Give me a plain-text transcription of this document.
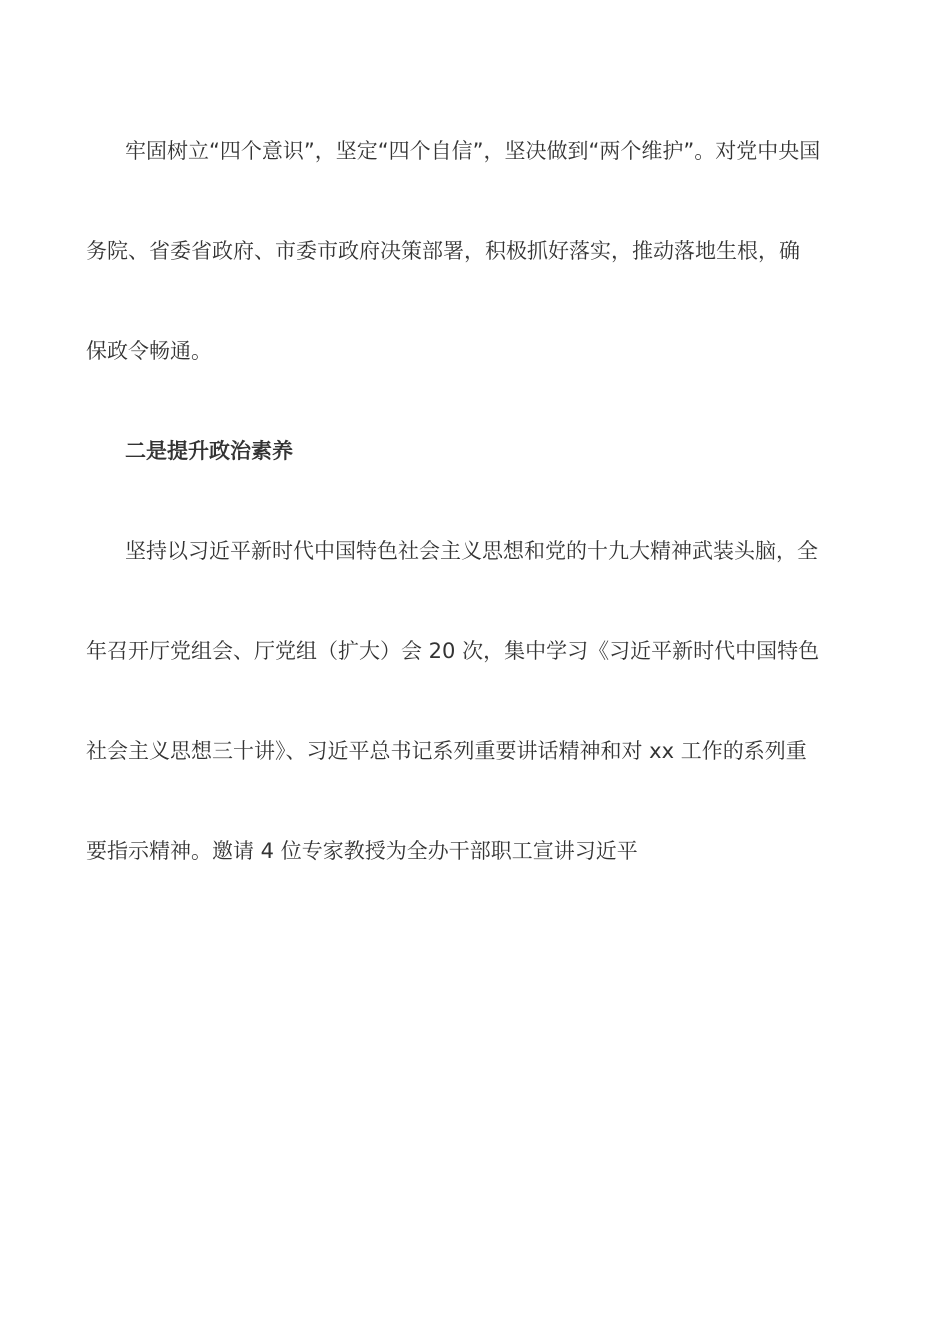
牢固树立“四个意识”，坚定“四个自信”，坚决做到“两个维护”。对党中央国
务院、省委省政府、市委市政府决策部署，积极抓好落实，推动落地生根，确
保政令畅通。
二是提升政治素养
坚持以习近平新时代中国特色社会主义思想和党的十九大精神武装头脑，全
年召开厅党组会、厅党组（扩大）会 20 次，集中学习《习近平新时代中国特色
社会主义思想三十讲》、习近平总书记系列重要讲话精神和对 xx 工作的系列重
要指示精神。邀请 4 位专家教授为全办干部职工宣讲习近平
